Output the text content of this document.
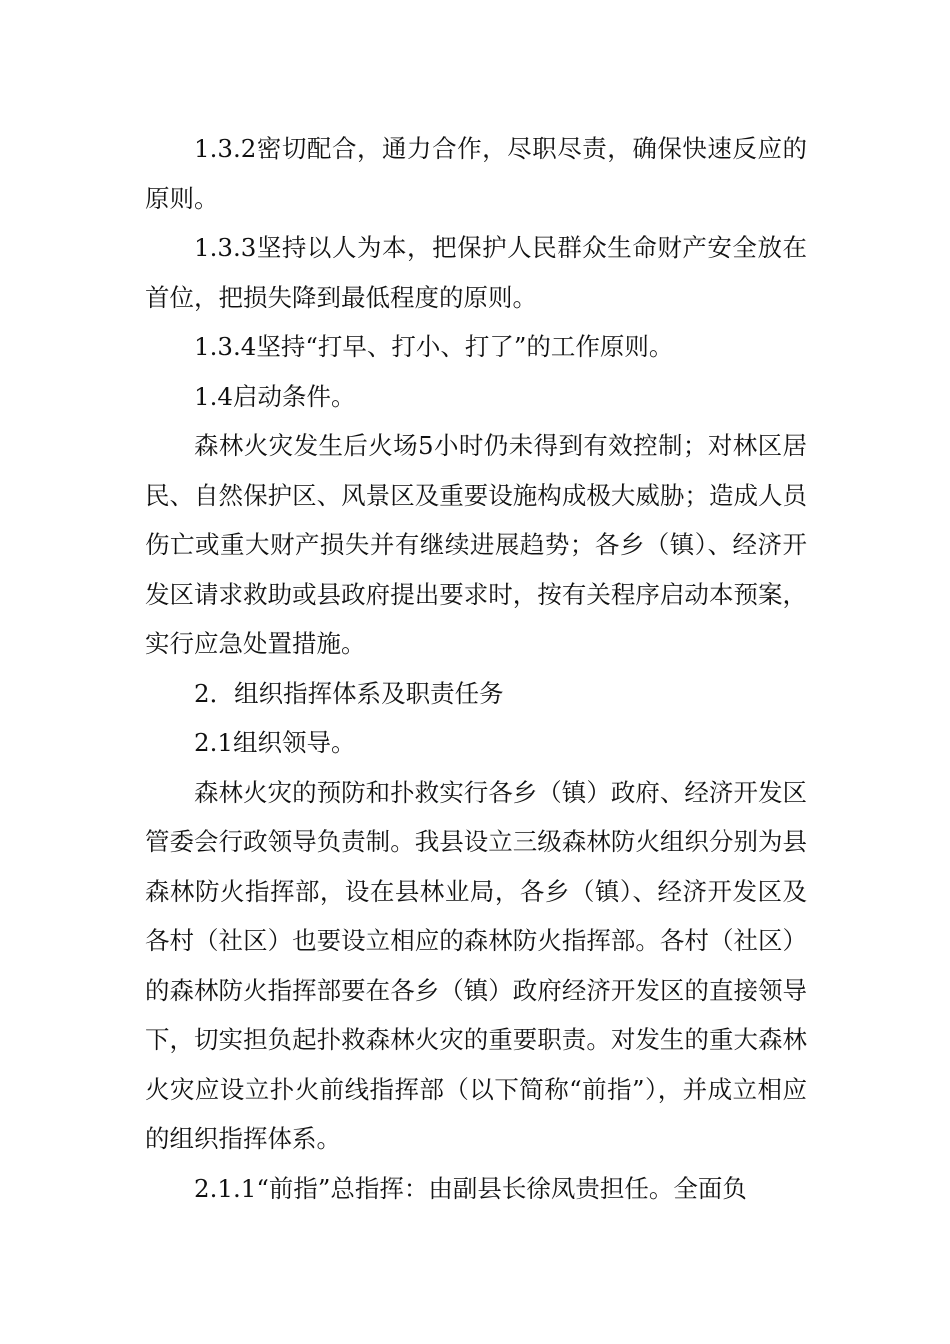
1.3.2密切配合，通力合作，尽职尽责，确保快速反应的原则。

1.3.3坚持以人为本，把保护人民群众生命财产安全放在首位，把损失降到最低程度的原则。

1.3.4坚持“打早、打小、打了”的工作原则。

1.4启动条件。

森林火灾发生后火场5小时仍未得到有效控制；对林区居民、自然保护区、风景区及重要设施构成极大威胁；造成人员伤亡或重大财产损失并有继续进展趋势；各乡（镇）、经济开发区请求救助或县政府提出要求时，按有关程序启动本预案，实行应急处置措施。

2．组织指挥体系及职责任务

2.1组织领导。

森林火灾的预防和扑救实行各乡（镇）政府、经济开发区管委会行政领导负责制。我县设立三级森林防火组织分别为县森林防火指挥部，设在县林业局，各乡（镇）、经济开发区及各村（社区）也要设立相应的森林防火指挥部。各村（社区）的森林防火指挥部要在各乡（镇）政府经济开发区的直接领导下，切实担负起扑救森林火灾的重要职责。对发生的重大森林火灾应设立扑火前线指挥部（以下简称“前指”），并成立相应的组织指挥体系。

2.1.1“前指”总指挥：由副县长徐凤贵担任。全面负
